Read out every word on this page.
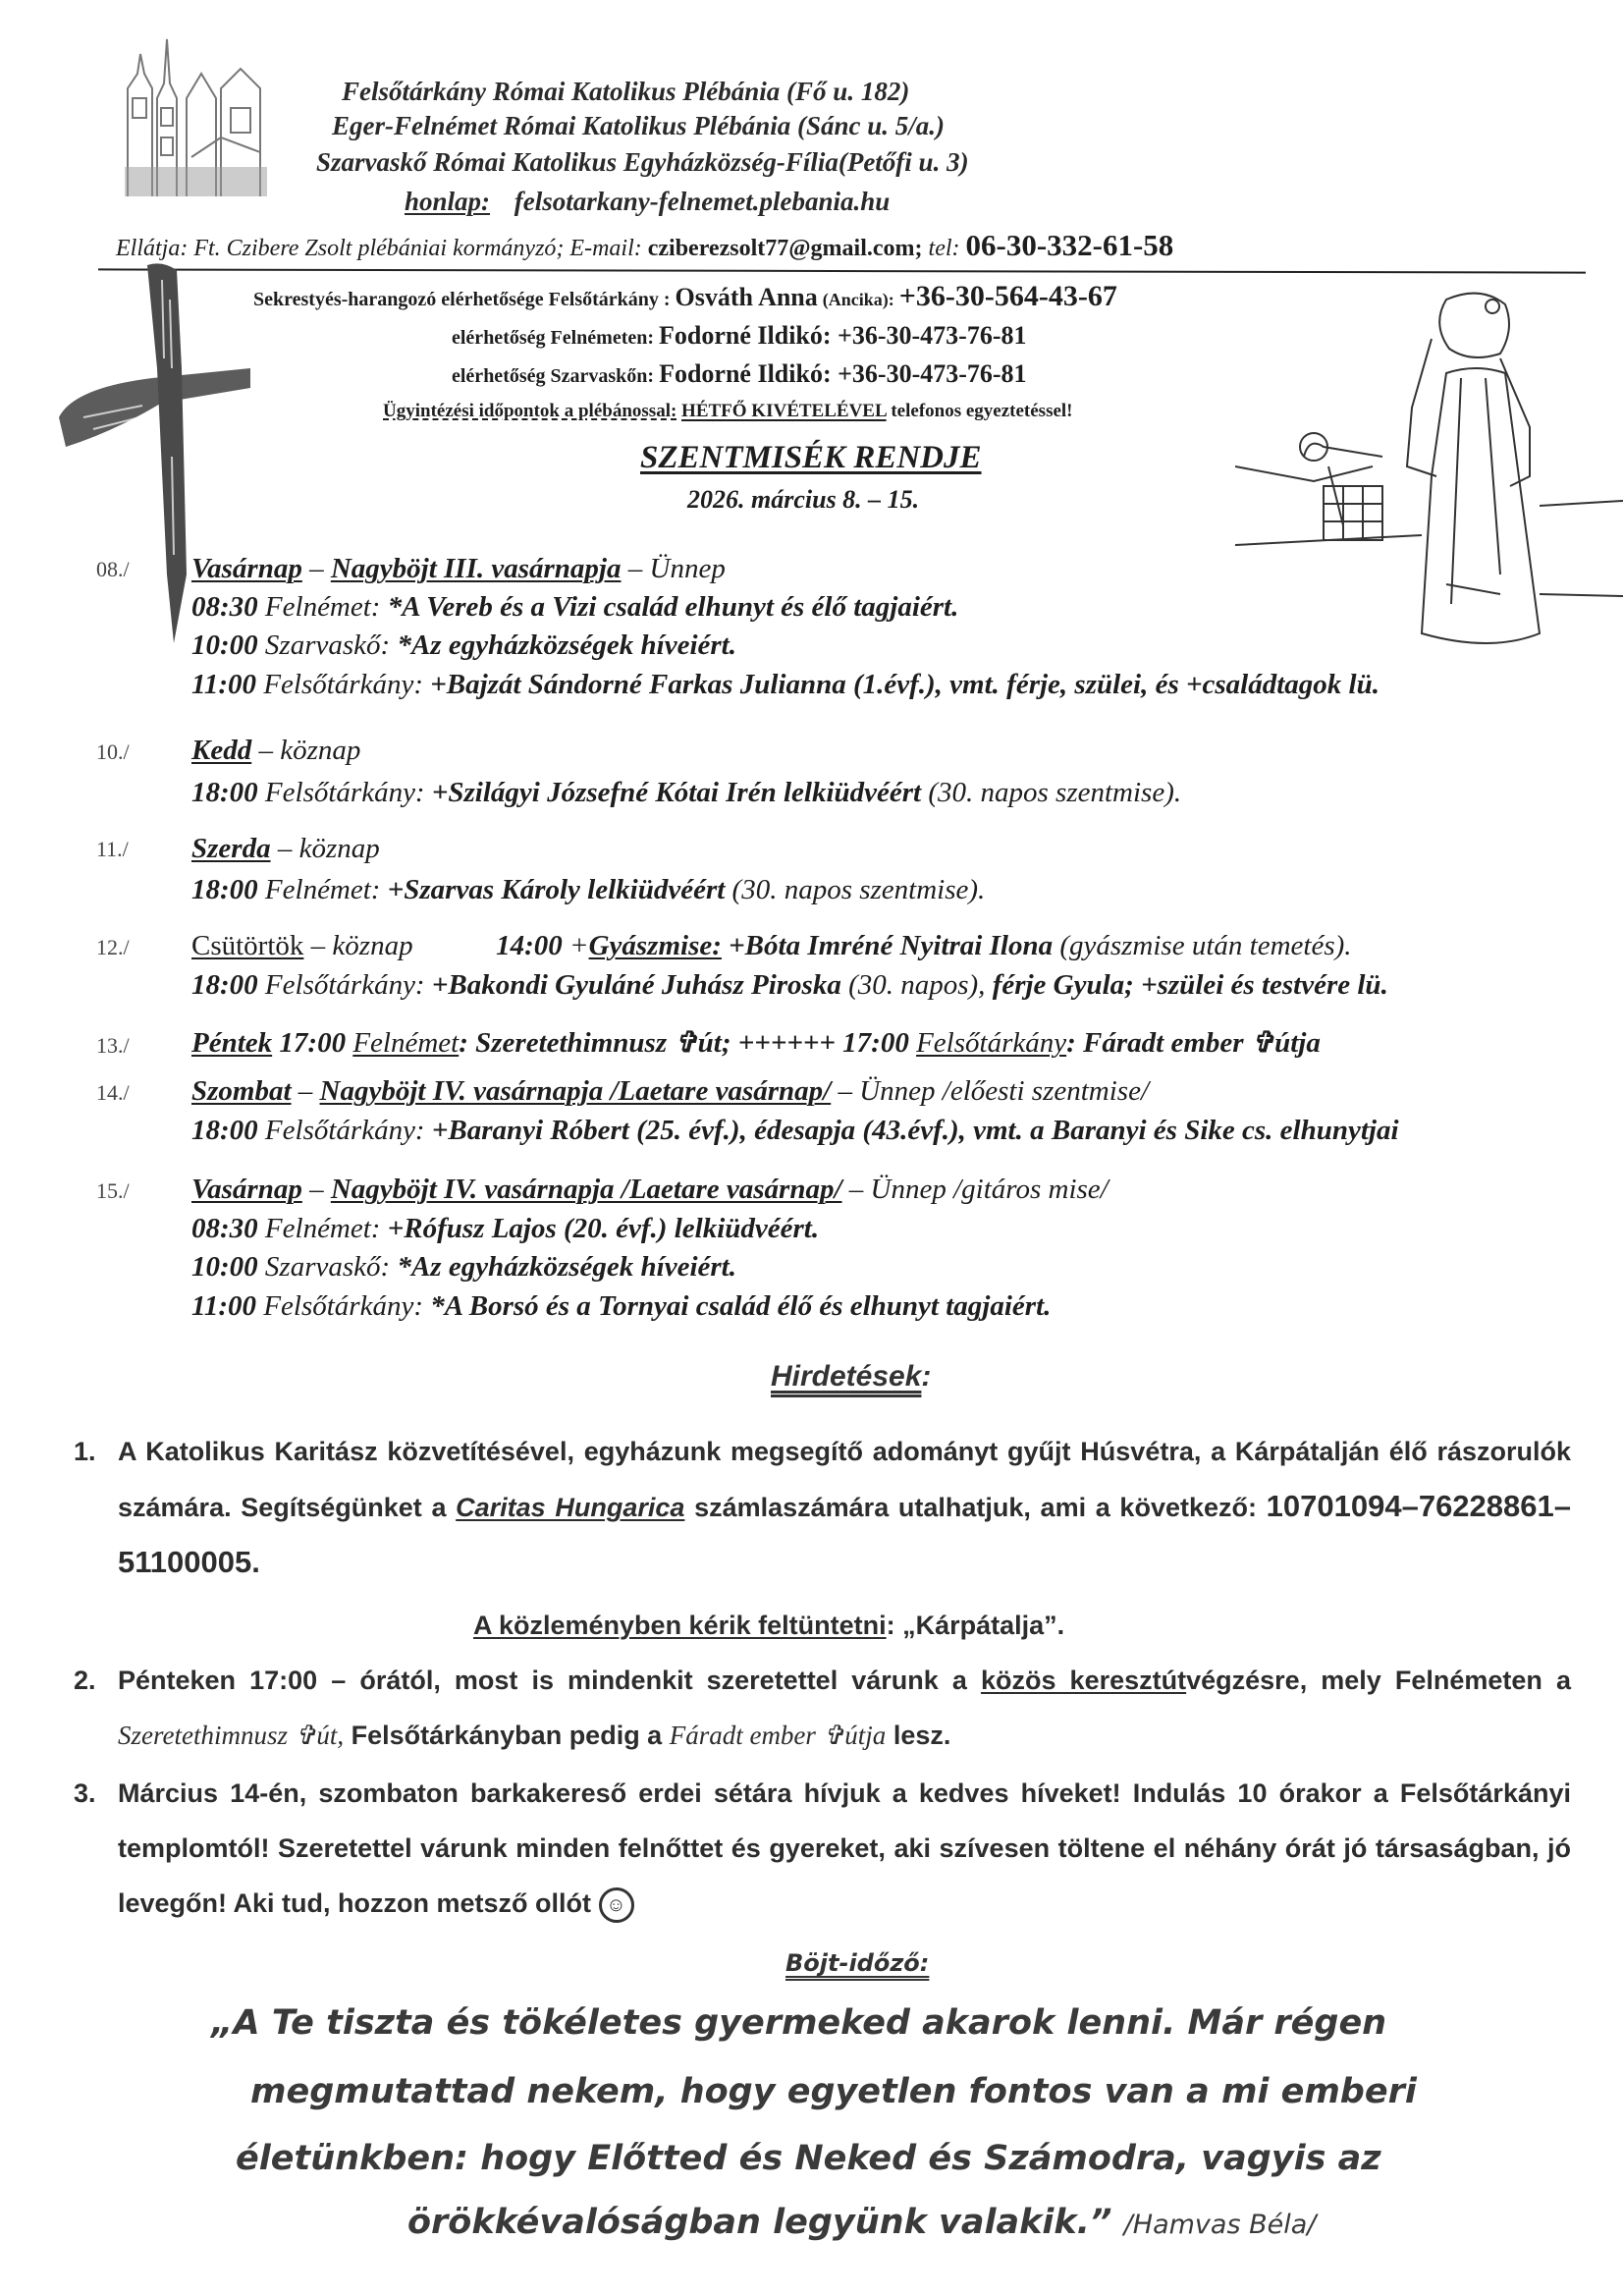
Felsőtárkány Római Katolikus Plébánia (Fő u. 182)
Eger-Felnémet Római Katolikus Plébánia (Sánc u. 5/a.)
Szarvaskő Római Katolikus Egyházközség-Fília(Petőfi u. 3)
honlap: felsotarkany-felnemet.plebania.hu
Ellátja: Ft. Czibere Zsolt plébániai kormányzó; E-mail: cziberezsolt77@gmail.com; tel: 06-30-332-61-58
Sekrestyés-harangozó elérhetősége Felsőtárkány : Osváth Anna (Ancika): +36-30-564-43-67
elérhetőség Felnémeten: Fodorné Ildikó: +36-30-473-76-81
elérhetőség Szarvaskőn: Fodorné Ildikó: +36-30-473-76-81
Ügyintézési időpontok a plébánossal: HÉTFŐ KIVÉTELÉVEL telefonos egyeztetéssel!
SZENTMISÉK RENDJE
2026. március 8. – 15.
08./	Vasárnap – Nagyböjt III. vasárnapja – Ünnep
08:30 Felnémet: *A Vereb és a Vizi család elhunyt és élő tagjaiért.
10:00 Szarvaskő: *Az egyházközségek híveiért.
11:00 Felsőtárkány: +Bajzát Sándorné Farkas Julianna (1.évf.), vmt. férje, szülei, és +családtagok lü.
10./	Kedd – köznap
18:00 Felsőtárkány: +Szilágyi Józsefné Kótai Irén lelkiüdvéért (30. napos szentmise).
11./	Szerda – köznap
18:00 Felnémet: +Szarvas Károly lelkiüdvéért (30. napos szentmise).
12./	Csütörtök – köznap	14:00 +Gyászmise: +Bóta Imréné Nyitrai Ilona (gyászmise után temetés).
18:00 Felsőtárkány: +Bakondi Gyuláné Juhász Piroska (30. napos), férje Gyula; +szülei és testvére lü.
13./	Péntek 17:00 Felnémet: Szeretethimnusz ✞út; ++++++ 17:00 Felsőtárkány: Fáradt ember ✞útja
14./	Szombat – Nagyböjt IV. vasárnapja /Laetare vasárnap/ – Ünnep /előesti szentmise/
18:00 Felsőtárkány: +Baranyi Róbert (25. évf.), édesapja (43.évf.), vmt. a Baranyi és Sike cs. elhunytjai
15./	Vasárnap – Nagyböjt IV. vasárnapja /Laetare vasárnap/ – Ünnep /gitáros mise/
08:30 Felnémet: +Rófusz Lajos (20. évf.) lelkiüdvéért.
10:00 Szarvaskő: *Az egyházközségek híveiért.
11:00 Felsőtárkány: *A Borsó és a Tornyai család élő és elhunyt tagjaiért.
Hirdetések:
1. A Katolikus Karitász közvetítésével, egyházunk megsegítő adományt gyűjt Húsvétra, a Kárpátalján élő rászorulók számára. Segítségünket a Caritas Hungarica számlaszámára utalhatjuk, ami a következő: 10701094–76228861–51100005.
A közleményben kérik feltüntetni: „Kárpátalja”.
2. Pénteken 17:00 – órától, most is mindenkit szeretettel várunk a közös keresztútvégzésre, mely Felnémeten a Szeretethimnusz ✞út, Felsőtárkányban pedig a Fáradt ember ✞útja lesz.
3. Március 14-én, szombaton barkakereső erdei sétára hívjuk a kedves híveket! Indulás 10 órakor a Felsőtárkányi templomtól! Szeretettel várunk minden felnőttet és gyereket, aki szívesen töltene el néhány órát jó társaságban, jó levegőn! Aki tud, hozzon metsző ollót ☺
Böjt-időző:
„A Te tiszta és tökéletes gyermeked akarok lenni. Már régen
megmutattad nekem, hogy egyetlen fontos van a mi emberi
életünkben: hogy Előtted és Neked és Számodra, vagyis az
örökkévalóságban legyünk valakik.” /Hamvas Béla/
